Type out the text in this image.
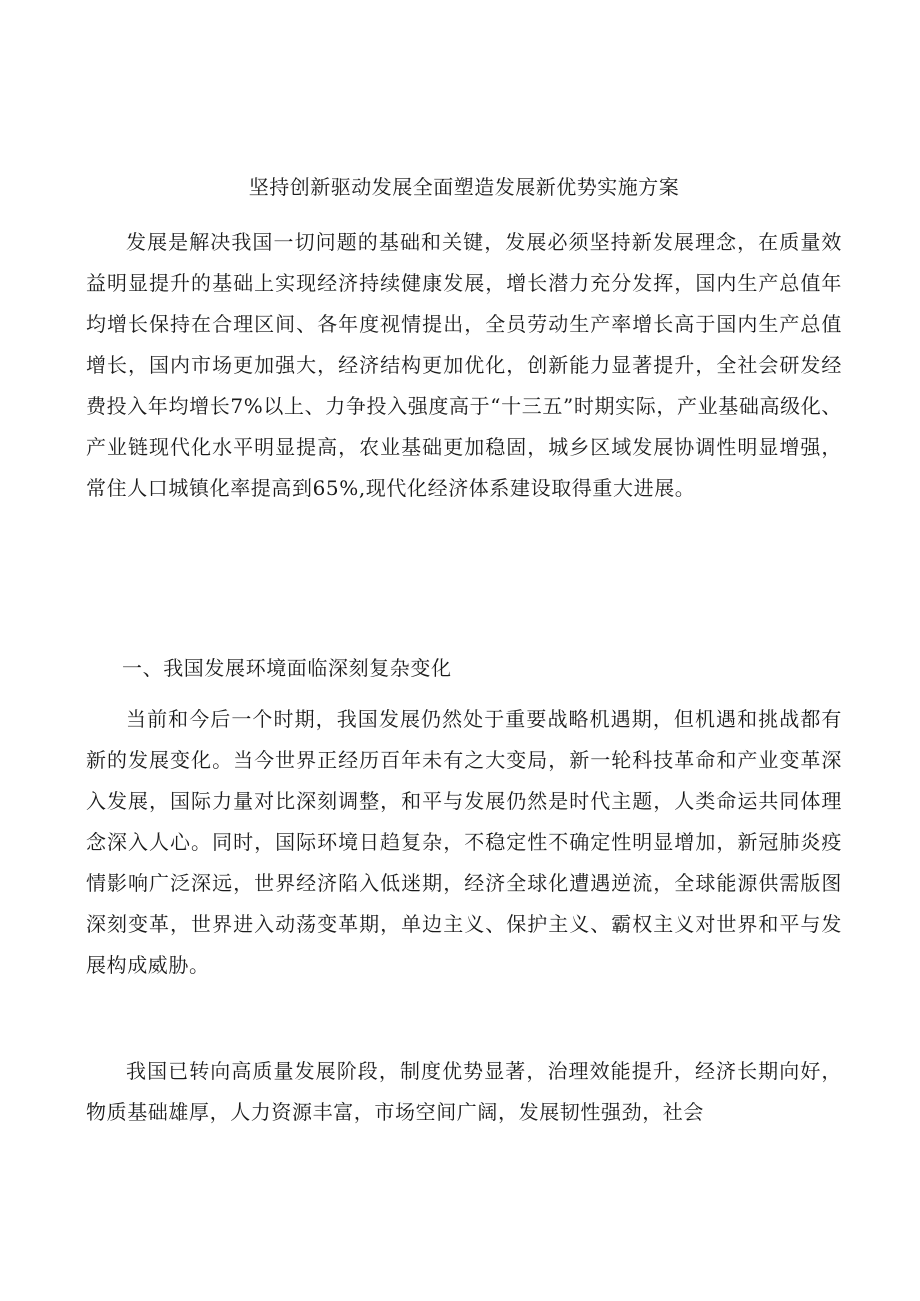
坚持创新驱动发展全面塑造发展新优势实施方案

发展是解决我国一切问题的基础和关键，发展必须坚持新发展理念，在质量效益明显提升的基础上实现经济持续健康发展，增长潜力充分发挥，国内生产总值年均增长保持在合理区间、各年度视情提出，全员劳动生产率增长高于国内生产总值增长，国内市场更加强大，经济结构更加优化，创新能力显著提升，全社会研发经费投入年均增长7%以上、力争投入强度高于“十三五”时期实际，产业基础高级化、产业链现代化水平明显提高，农业基础更加稳固，城乡区域发展协调性明显增强，常住人口城镇化率提高到65%,现代化经济体系建设取得重大进展。

一、我国发展环境面临深刻复杂变化

当前和今后一个时期，我国发展仍然处于重要战略机遇期，但机遇和挑战都有新的发展变化。当今世界正经历百年未有之大变局，新一轮科技革命和产业变革深入发展，国际力量对比深刻调整，和平与发展仍然是时代主题，人类命运共同体理念深入人心。同时，国际环境日趋复杂，不稳定性不确定性明显增加，新冠肺炎疫情影响广泛深远，世界经济陷入低迷期，经济全球化遭遇逆流，全球能源供需版图深刻变革，世界进入动荡变革期，单边主义、保护主义、霸权主义对世界和平与发展构成威胁。

我国已转向高质量发展阶段，制度优势显著，治理效能提升，经济长期向好，物质基础雄厚，人力资源丰富，市场空间广阔，发展韧性强劲，社会
